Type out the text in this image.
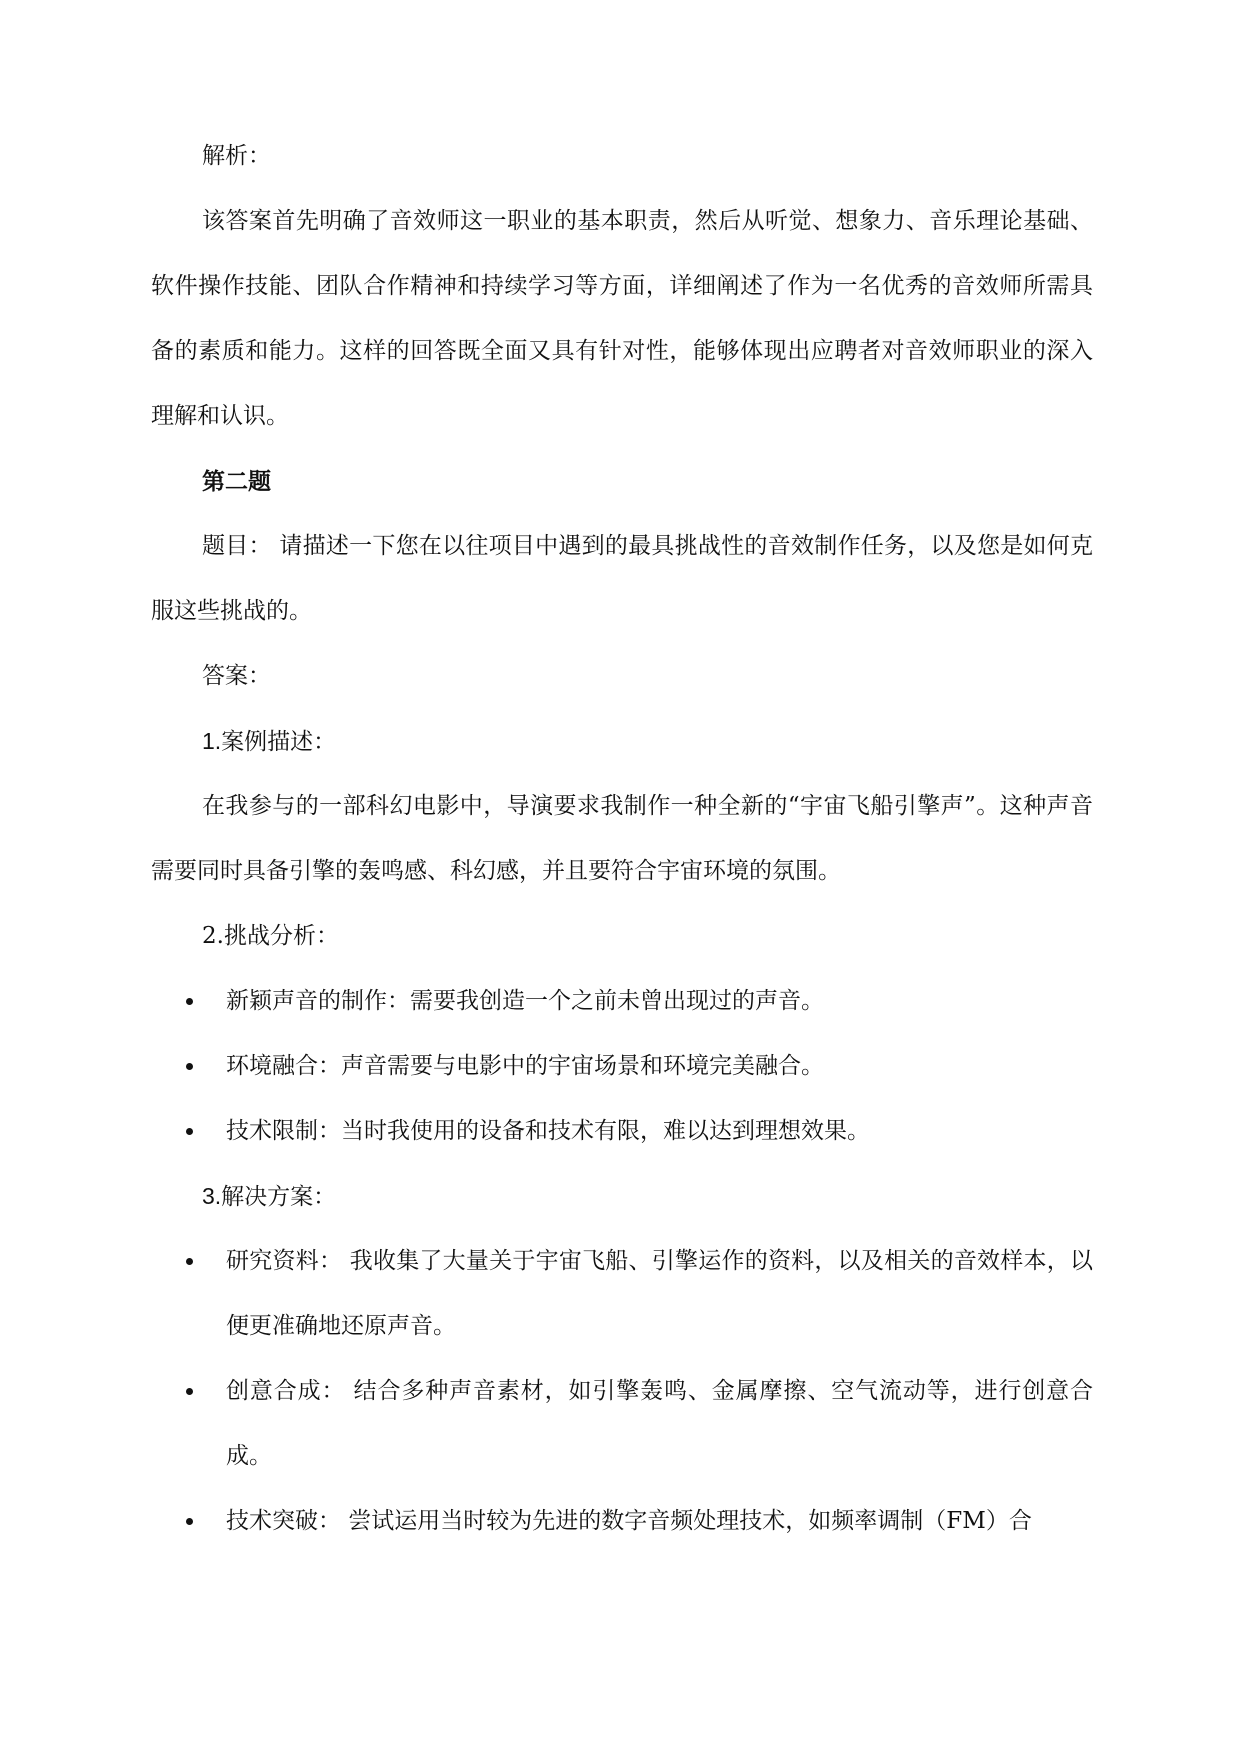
解析：

该答案首先明确了音效师这一职业的基本职责，然后从听觉、想象力、音乐理论基础、软件操作技能、团队合作精神和持续学习等方面，详细阐述了作为一名优秀的音效师所需具备的素质和能力。这样的回答既全面又具有针对性，能够体现出应聘者对音效师职业的深入理解和认识。

第二题

题目： 请描述一下您在以往项目中遇到的最具挑战性的音效制作任务，以及您是如何克服这些挑战的。

答案：

1.案例描述：

在我参与的一部科幻电影中，导演要求我制作一种全新的“宇宙飞船引擎声”。这种声音需要同时具备引擎的轰鸣感、科幻感，并且要符合宇宙环境的氛围。

2.挑战分析：

新颖声音的制作：需要我创造一个之前未曾出现过的声音。
环境融合：声音需要与电影中的宇宙场景和环境完美融合。
技术限制：当时我使用的设备和技术有限，难以达到理想效果。

3.解决方案：

研究资料： 我收集了大量关于宇宙飞船、引擎运作的资料，以及相关的音效样本，以便更准确地还原声音。
创意合成： 结合多种声音素材，如引擎轰鸣、金属摩擦、空气流动等，进行创意合成。
技术突破： 尝试运用当时较为先进的数字音频处理技术，如频率调制（FM）合
